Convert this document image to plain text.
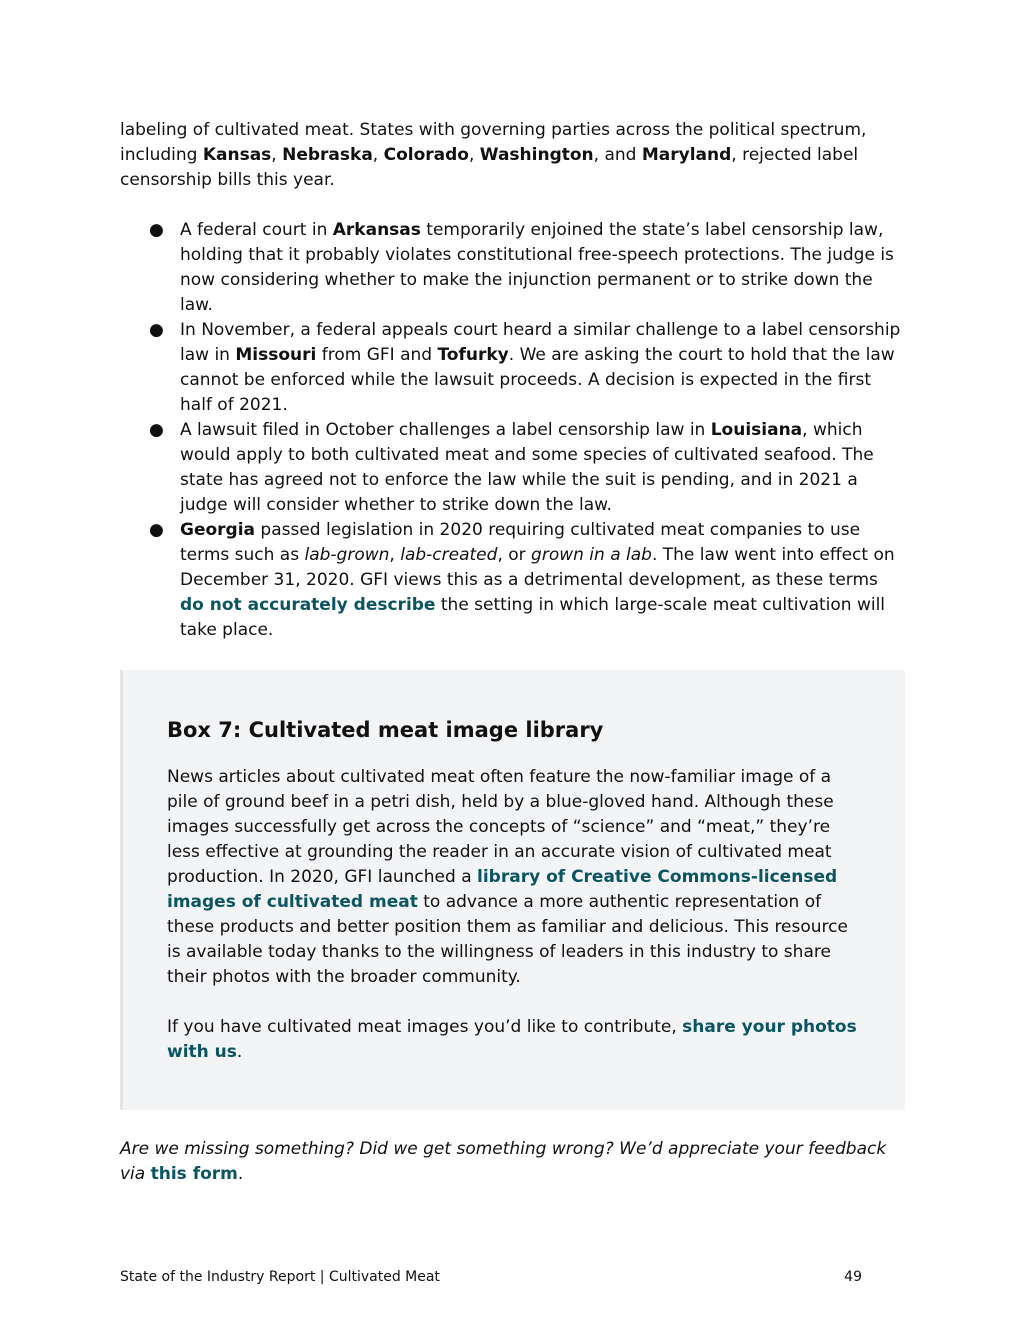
labeling of cultivated meat. States with governing parties across the political spectrum, including Kansas, Nebraska, Colorado, Washington, and Maryland, rejected label censorship bills this year.

● A federal court in Arkansas temporarily enjoined the state’s label censorship law, holding that it probably violates constitutional free-speech protections. The judge is now considering whether to make the injunction permanent or to strike down the law.
● In November, a federal appeals court heard a similar challenge to a label censorship law in Missouri from GFI and Tofurky. We are asking the court to hold that the law cannot be enforced while the lawsuit proceeds. A decision is expected in the first half of 2021.
● A lawsuit filed in October challenges a label censorship law in Louisiana, which would apply to both cultivated meat and some species of cultivated seafood. The state has agreed not to enforce the law while the suit is pending, and in 2021 a judge will consider whether to strike down the law.
● Georgia passed legislation in 2020 requiring cultivated meat companies to use terms such as lab-grown, lab-created, or grown in a lab. The law went into effect on December 31, 2020. GFI views this as a detrimental development, as these terms do not accurately describe the setting in which large-scale meat cultivation will take place.
Box 7: Cultivated meat image library

News articles about cultivated meat often feature the now-familiar image of a pile of ground beef in a petri dish, held by a blue-gloved hand. Although these images successfully get across the concepts of “science” and “meat,” they’re less effective at grounding the reader in an accurate vision of cultivated meat production. In 2020, GFI launched a library of Creative Commons-licensed images of cultivated meat to advance a more authentic representation of these products and better position them as familiar and delicious. This resource is available today thanks to the willingness of leaders in this industry to share their photos with the broader community.

If you have cultivated meat images you’d like to contribute, share your photos with us.

Are we missing something? Did we get something wrong? We’d appreciate your feedback via this form.

State of the Industry Report | Cultivated Meat	49
